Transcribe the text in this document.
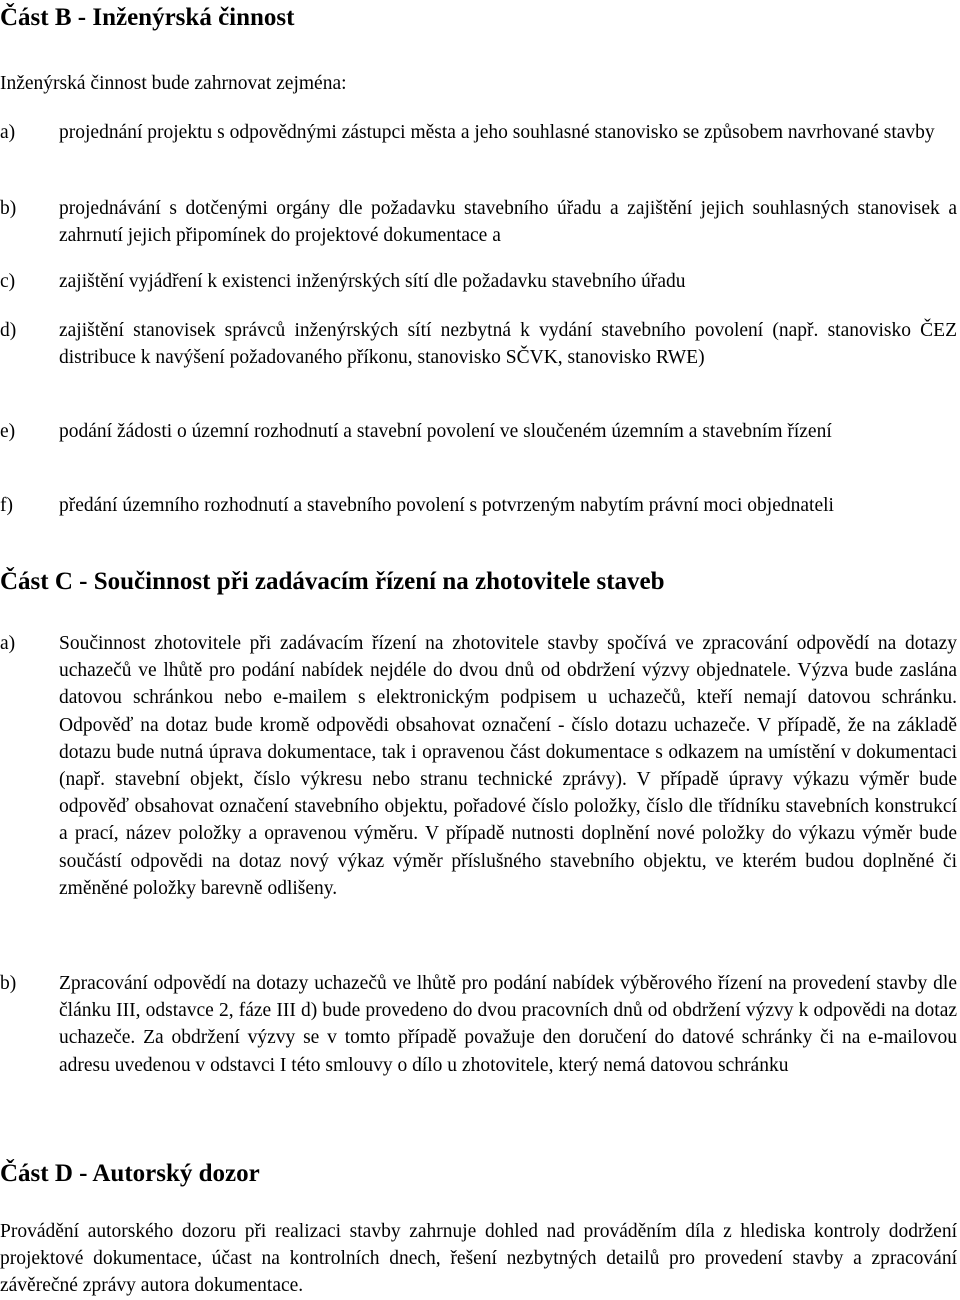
Část B - Inženýrská činnost

Inženýrská činnost bude zahrnovat zejména:

a) projednání projektu s odpovědnými zástupci města a jeho souhlasné stanovisko se způsobem navrhované stavby

b) projednávání s dotčenými orgány dle požadavku stavebního úřadu a zajištění jejich souhlasných stanovisek a zahrnutí jejich připomínek do projektové dokumentace a

c) zajištění vyjádření k existenci inženýrských sítí dle požadavku stavebního úřadu

d) zajištění stanovisek správců inženýrských sítí nezbytná k vydání stavebního povolení (např. stanovisko ČEZ distribuce k navýšení požadovaného příkonu, stanovisko SČVK, stanovisko RWE)

e) podání žádosti o územní rozhodnutí a stavební povolení ve sloučeném územním a stavebním řízení

f) předání územního rozhodnutí a stavebního povolení s potvrzeným nabytím právní moci objednateli

Část C - Součinnost při zadávacím řízení na zhotovitele staveb
a) Součinnost zhotovitele při zadávacím řízení na zhotovitele stavby spočívá ve zpracování odpovědí na dotazy uchazečů ve lhůtě pro podání nabídek nejdéle do dvou dnů od obdržení výzvy objednatele. Výzva bude zaslána datovou schránkou nebo e-mailem s elektronickým podpisem u uchazečů, kteří nemají datovou schránku. Odpověď na dotaz bude kromě odpovědi obsahovat označení - číslo dotazu uchazeče. V případě, že na základě dotazu bude nutná úprava dokumentace, tak i opravenou část dokumentace s odkazem na umístění v dokumentaci (např. stavební objekt, číslo výkresu nebo stranu technické zprávy). V případě úpravy výkazu výměr bude odpověď obsahovat označení stavebního objektu, pořadové číslo položky, číslo dle třídníku stavebních konstrukcí a prací, název položky a opravenou výměru. V případě nutnosti doplnění nové položky do výkazu výměr bude součástí odpovědi na dotaz nový výkaz výměr příslušného stavebního objektu, ve kterém budou doplněné či změněné položky barevně odlišeny.

b) Zpracování odpovědí na dotazy uchazečů ve lhůtě pro podání nabídek výběrového řízení na provedení stavby dle článku III, odstavce 2, fáze III d) bude provedeno do dvou pracovních dnů od obdržení výzvy k odpovědi na dotaz uchazeče. Za obdržení výzvy se v tomto případě považuje den doručení do datové schránky či na e-mailovou adresu uvedenou v odstavci I této smlouvy o dílo u zhotovitele, který nemá datovou schránku

Část D - Autorský dozor

Provádění autorského dozoru při realizaci stavby zahrnuje dohled nad prováděním díla z hlediska kontroly dodržení projektové dokumentace, účast na kontrolních dnech, řešení nezbytných detailů pro provedení stavby a zpracování závěrečné zprávy autora dokumentace.
